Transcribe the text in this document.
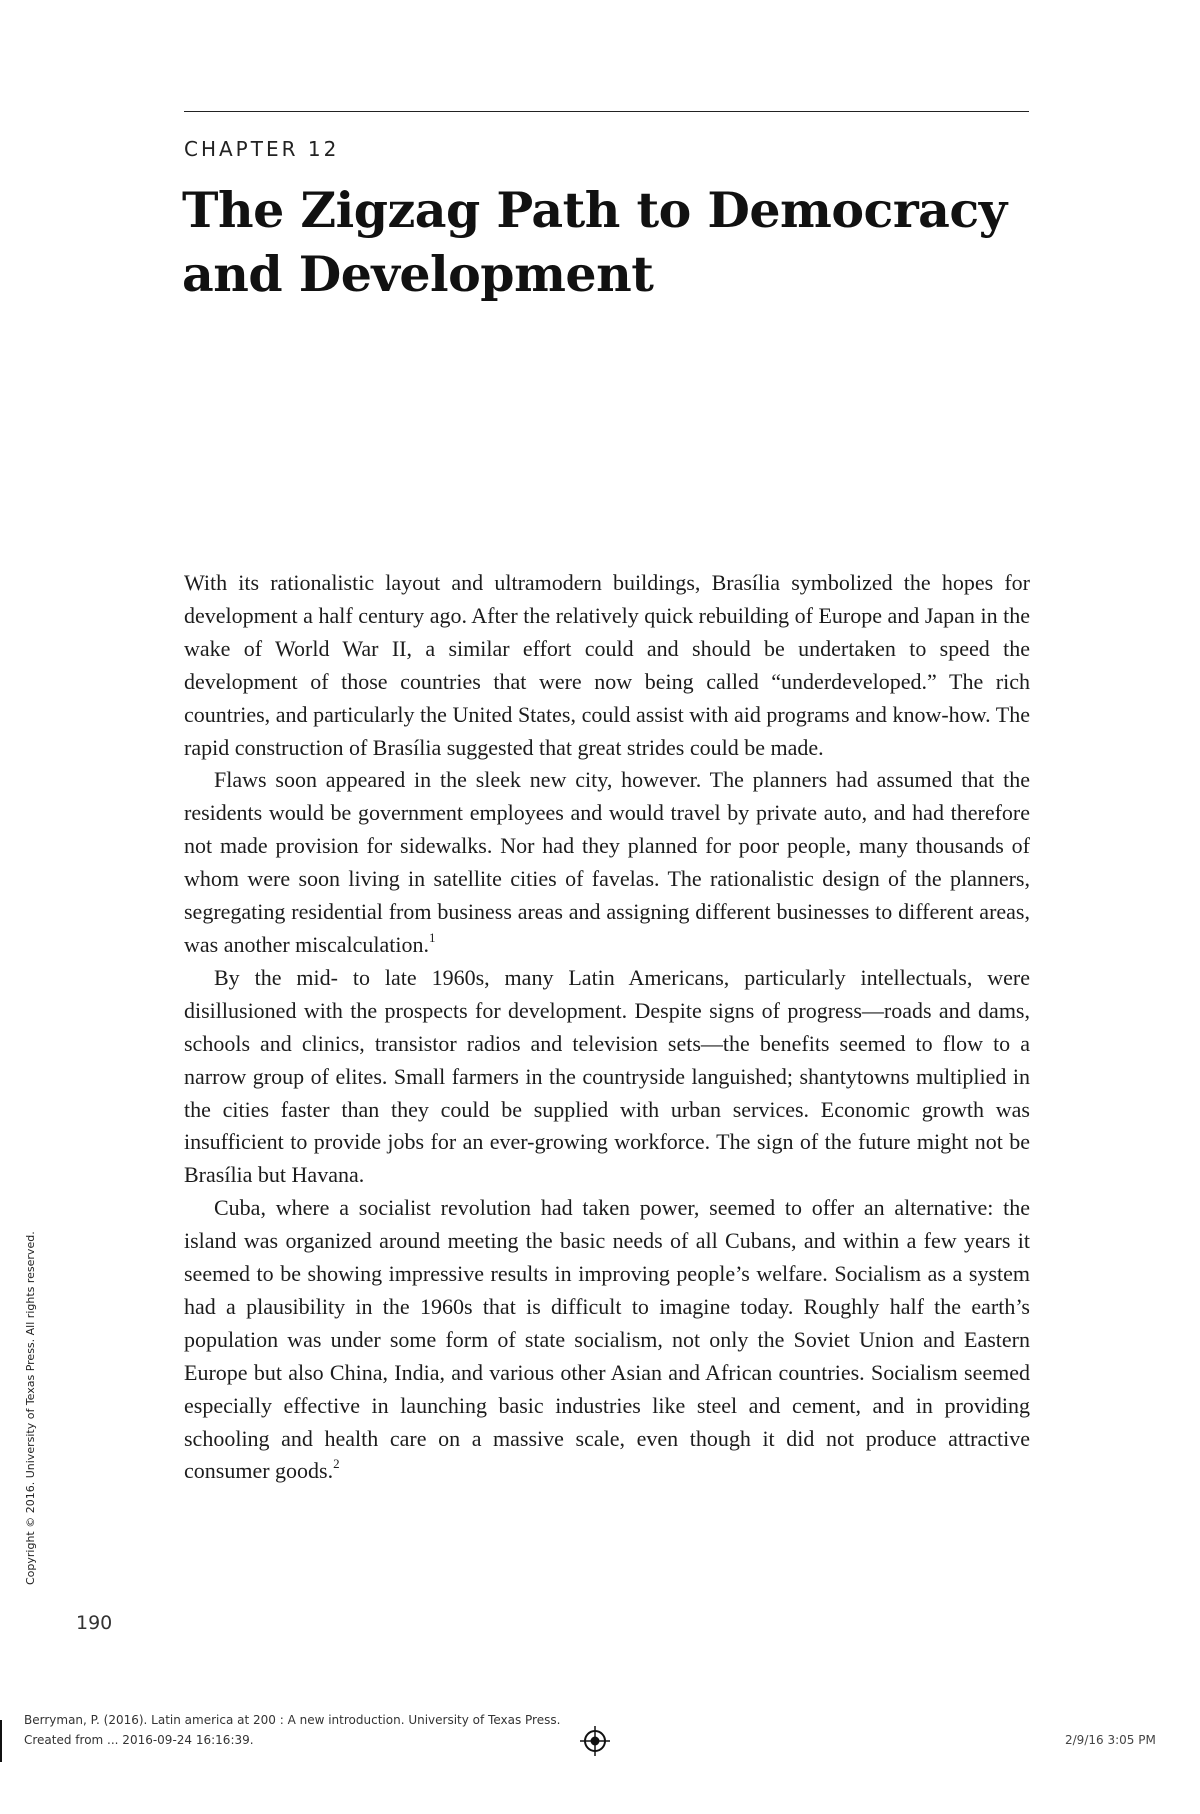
CHAPTER 12
The Zigzag Path to Democracy and Development

With its rationalistic layout and ultramodern buildings, Brasília symbolized the hopes for development a half century ago. After the relatively quick rebuilding of Europe and Japan in the wake of World War II, a similar effort could and should be undertaken to speed the development of those countries that were now being called “underdeveloped.” The rich countries, and particularly the United States, could assist with aid programs and know-how. The rapid construction of Brasília suggested that great strides could be made.

Flaws soon appeared in the sleek new city, however. The planners had assumed that the residents would be government employees and would travel by private auto, and had therefore not made provision for sidewalks. Nor had they planned for poor people, many thousands of whom were soon living in satellite cities of favelas. The rationalistic design of the planners, segregating residential from business areas and assigning different businesses to different areas, was another miscalculation.$^1$

By the mid- to late 1960s, many Latin Americans, particularly intellectuals, were disillusioned with the prospects for development. Despite signs of progress—roads and dams, schools and clinics, transistor radios and television sets—the benefits seemed to flow to a narrow group of elites. Small farmers in the countryside languished; shantytowns multiplied in the cities faster than they could be supplied with urban services. Economic growth was insufficient to provide jobs for an ever-growing workforce. The sign of the future might not be Brasília but Havana.

Cuba, where a socialist revolution had taken power, seemed to offer an alternative: the island was organized around meeting the basic needs of all Cubans, and within a few years it seemed to be showing impressive results in improving people’s welfare. Socialism as a system had a plausibility in the 1960s that is difficult to imagine today. Roughly half the earth’s population was under some form of state socialism, not only the Soviet Union and Eastern Europe but also China, India, and various other Asian and African countries. Socialism seemed especially effective in launching basic industries like steel and cement, and in providing schooling and health care on a massive scale, even though it did not produce attractive consumer goods.$^2$

Copyright © 2016. University of Texas Press. All rights reserved.
190
Berryman, P. (2016). Latin america at 200 : A new introduction. University of Texas Press.
Created from ... 2016-09-24 16:16:39.	2/9/16 3:05 PM
